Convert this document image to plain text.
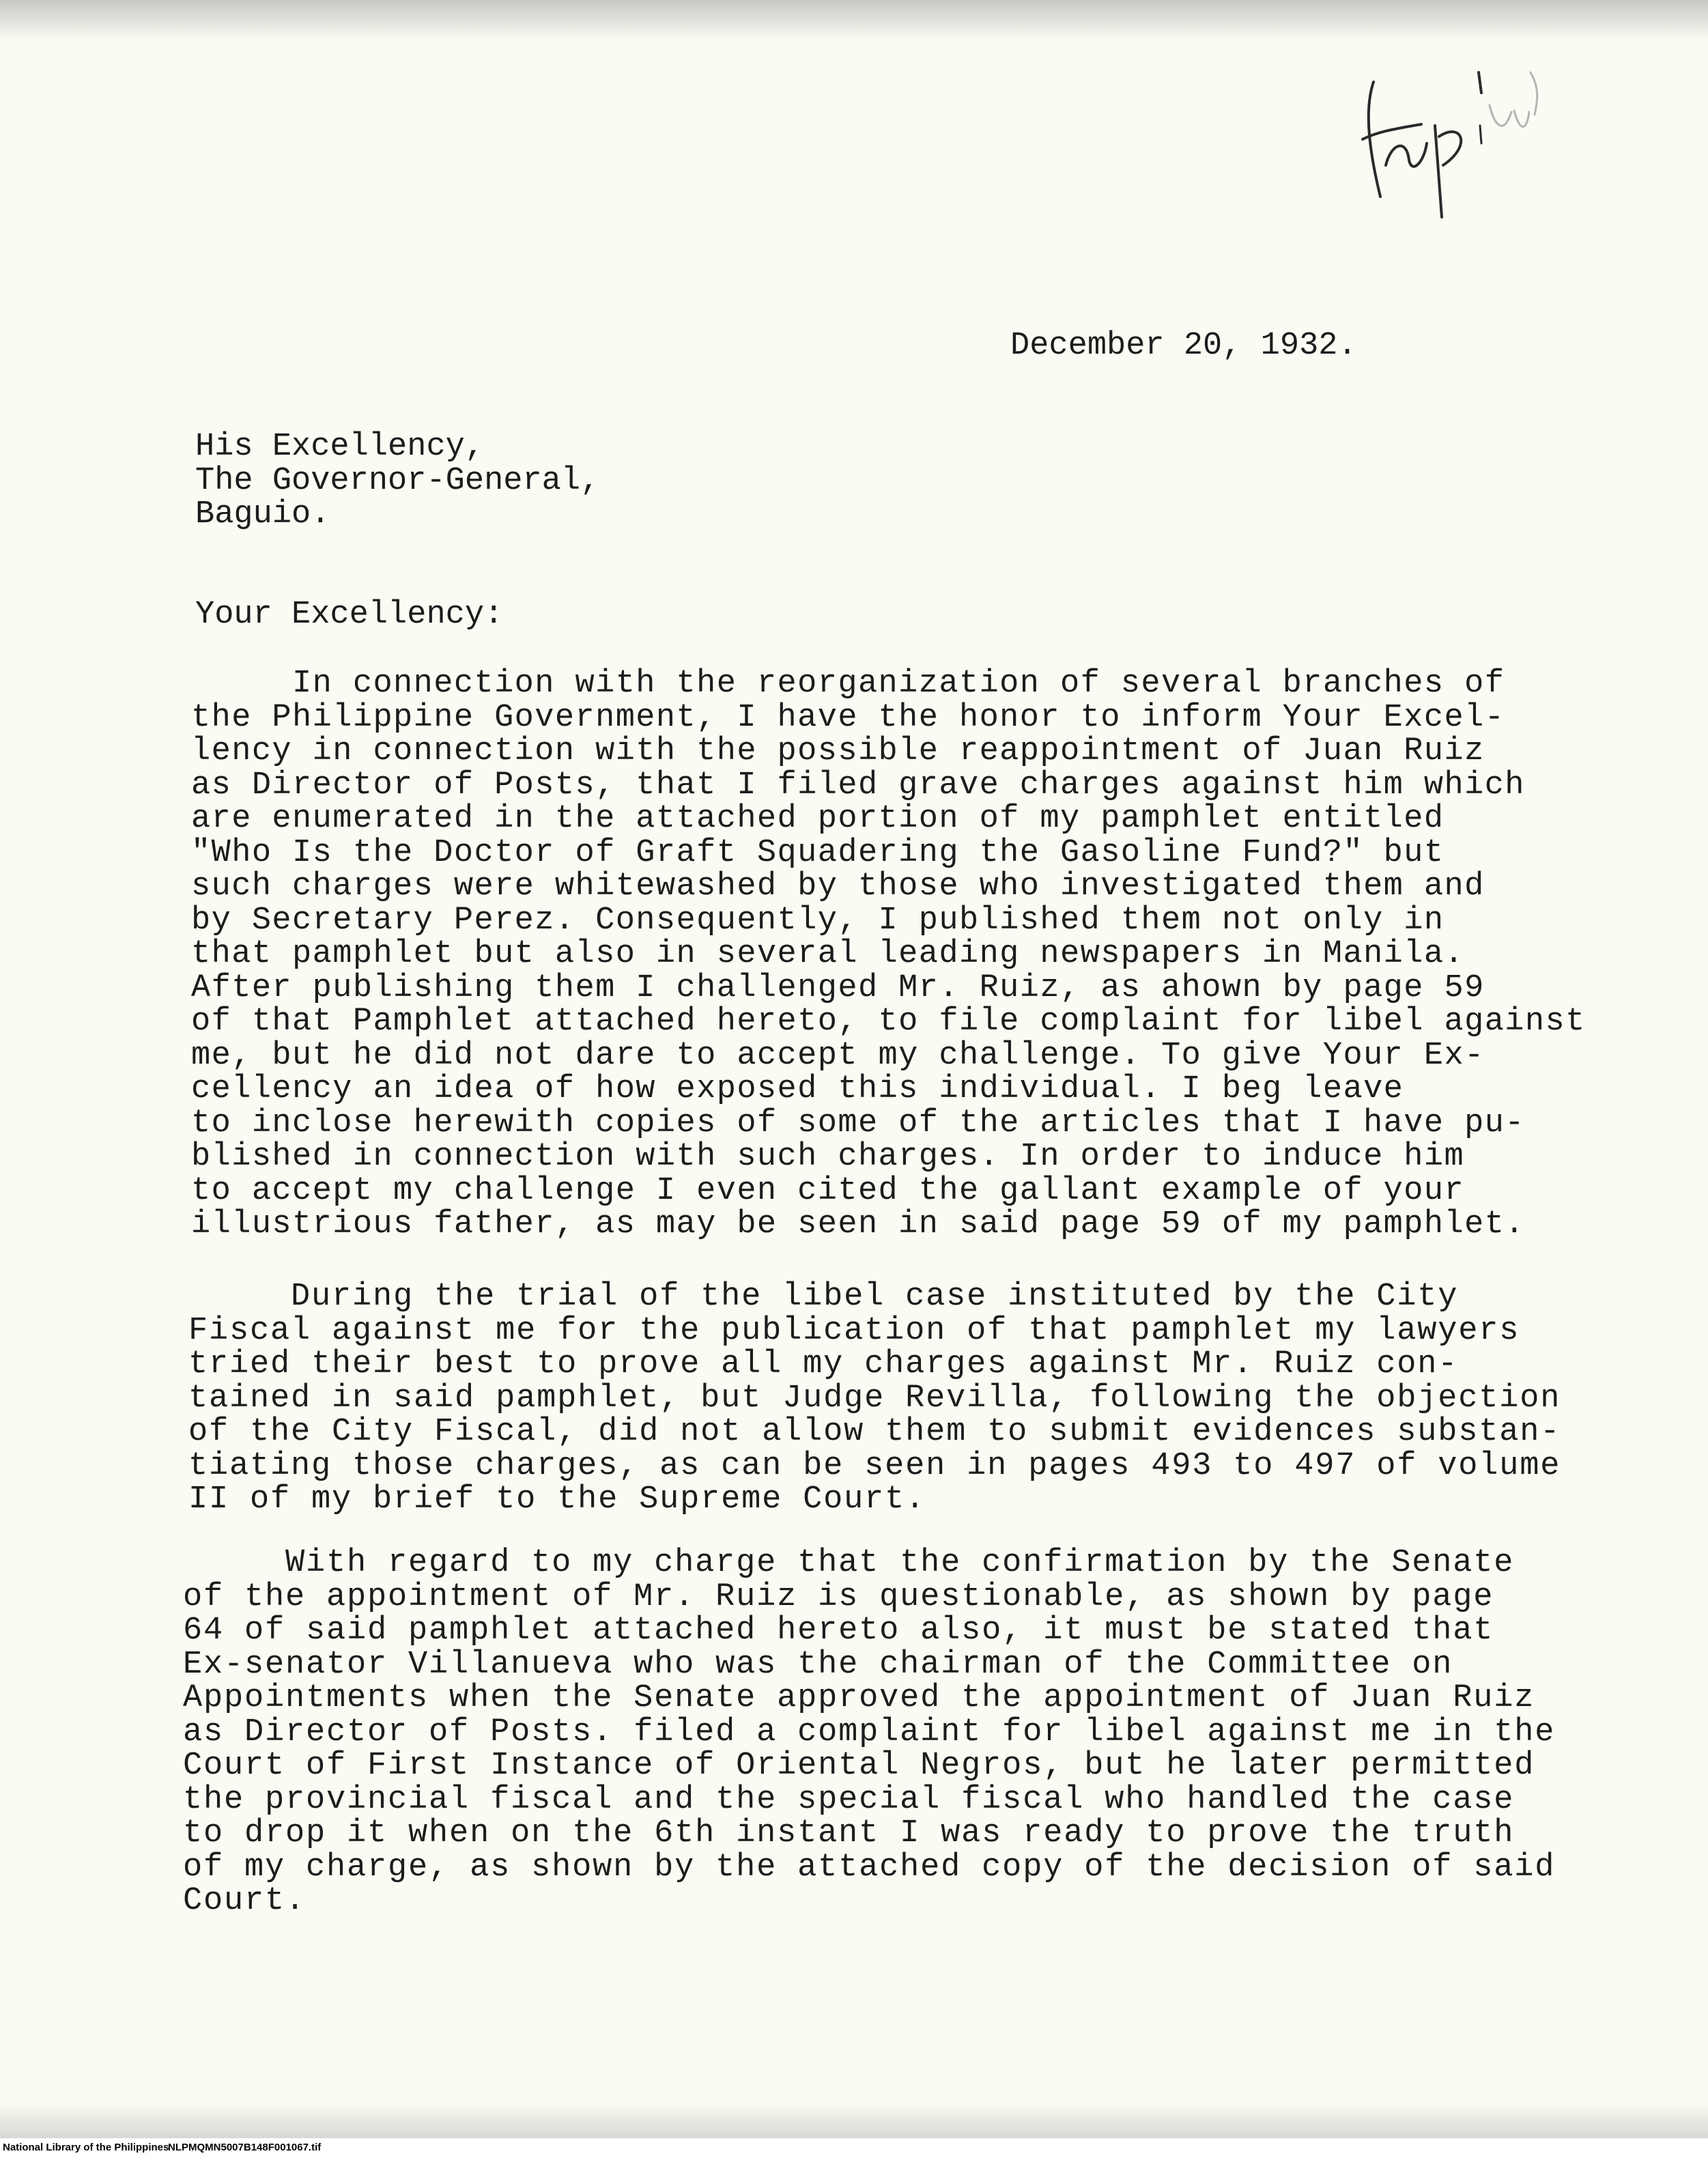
December 20, 1932.
His Excellency,
The Governor-General,
Baguio.
Your Excellency:
In connection with the reorganization of several branches of
the Philippine Government, I have the honor to inform Your Excel-
lency in connection with the possible reappointment of Juan Ruiz
as Director of Posts, that I filed grave charges against him which
are enumerated in the attached portion of my pamphlet entitled
"Who Is the Doctor of Graft Squadering the Gasoline Fund?" but
such charges were whitewashed by those who investigated them and
by Secretary Perez. Consequently, I published them not only in
that pamphlet but also in several leading newspapers in Manila.
After publishing them I challenged Mr. Ruiz, as ahown by page 59
of that Pamphlet attached hereto, to file complaint for libel against
me, but he did not dare to accept my challenge. To give Your Ex-
cellency an idea of how exposed this individual. I beg leave
to inclose herewith copies of some of the articles that I have pu-
blished in connection with such charges. In order to induce him
to accept my challenge I even cited the gallant example of your
illustrious father, as may be seen in said page 59 of my pamphlet.
During the trial of the libel case instituted by the City
Fiscal against me for the publication of that pamphlet my lawyers
tried their best to prove all my charges against Mr. Ruiz con-
tained in said pamphlet, but Judge Revilla, following the objection
of the City Fiscal, did not allow them to submit evidences substan-
tiating those charges, as can be seen in pages 493 to 497 of volume
II of my brief to the Supreme Court.
With regard to my charge that the confirmation by the Senate
of the appointment of Mr. Ruiz is questionable, as shown by page
64 of said pamphlet attached hereto also, it must be stated that
Ex-senator Villanueva who was the chairman of the Committee on
Appointments when the Senate approved the appointment of Juan Ruiz
as Director of Posts. filed a complaint for libel against me in the
Court of First Instance of Oriental Negros, but he later permitted
the provincial fiscal and the special fiscal who handled the case
to drop it when on the 6th instant I was ready to prove the truth
of my charge, as shown by the attached copy of the decision of said
Court.
National Library of the Philippines
NLPMQMN5007B148F001067.tif
